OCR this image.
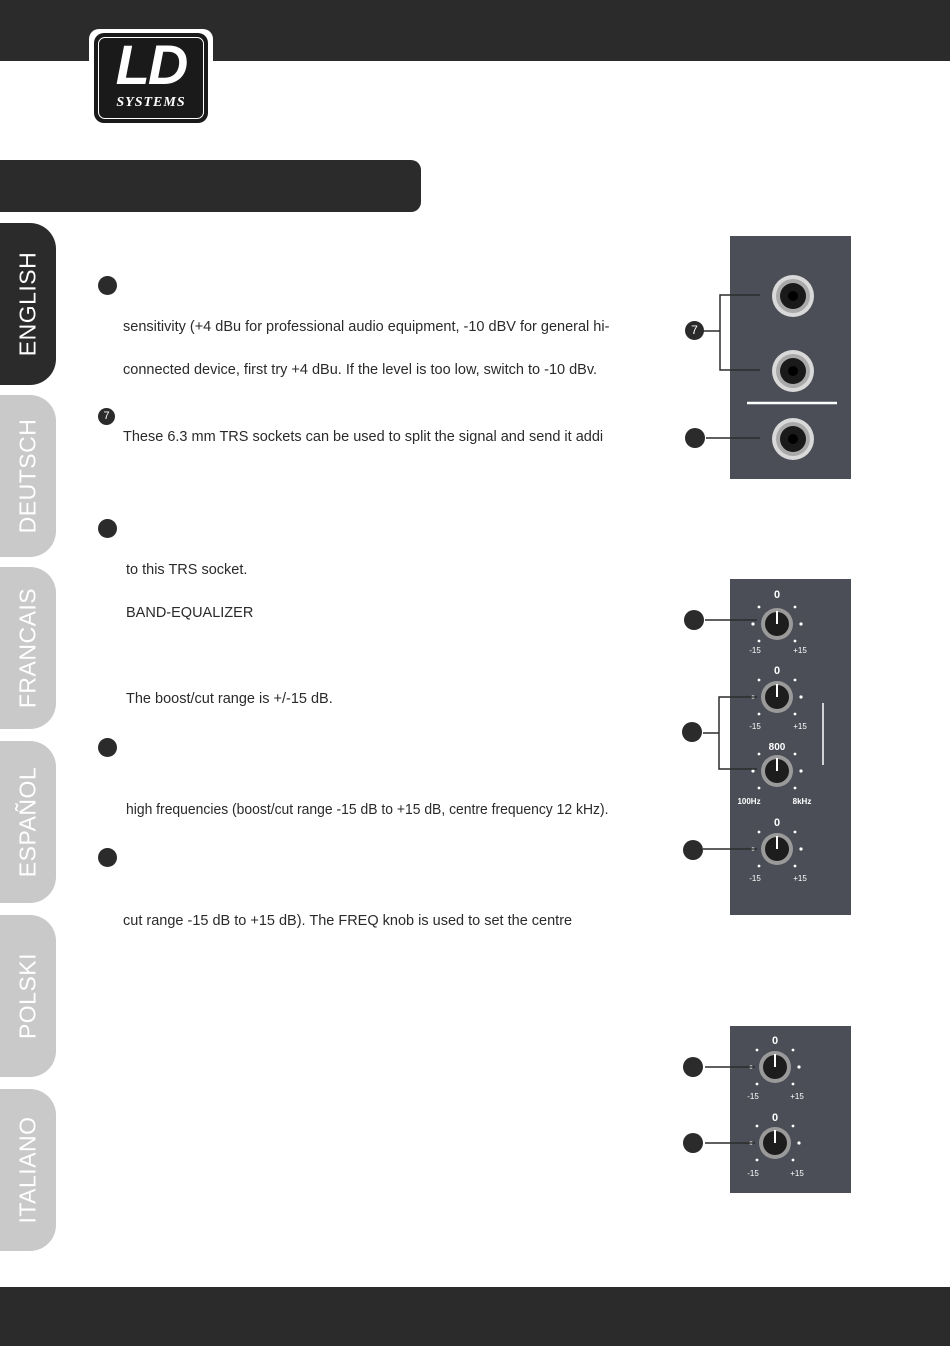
LD
SYSTEMS
ENGLISH
DEUTSCH
FRANCAIS
ESPAÑOL
POLSKI
ITALIANO
sensitivity (+4 dBu for professional audio equipment, -10 dBV for general hi-
connected device, first try +4 dBu. If the level is too low, switch to -10 dBv.
7
These 6.3 mm TRS sockets can be used to split the signal and send it addi
to this TRS socket.
BAND-EQUALIZER
The boost/cut range is +/-15 dB.
high frequencies (boost/cut range -15 dB to +15 dB, centre frequency 12 kHz).
cut range -15 dB to +15 dB). The FREQ knob is used to set the centre
7
0
-15	+15
0
-15	+15
800
100Hz	8kHz
0
-15	+15
0
-15	+15
0
-15	+15
